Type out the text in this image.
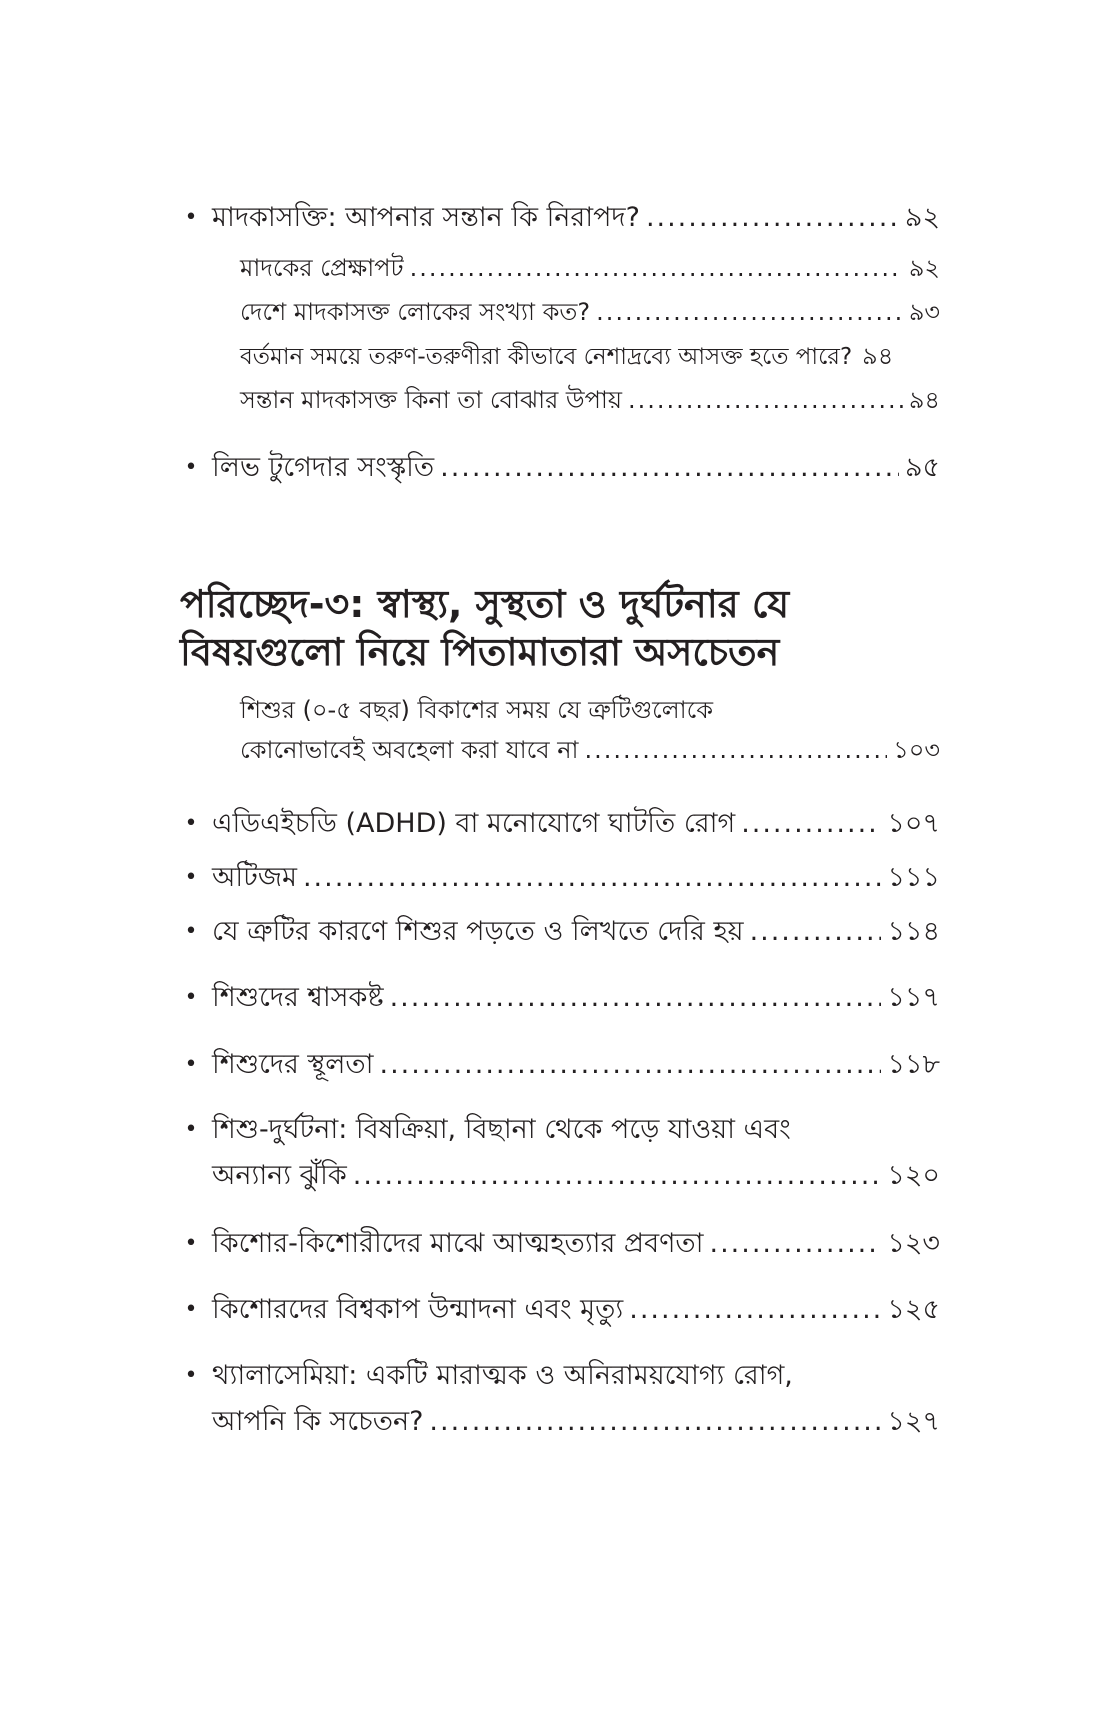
• মাদকাসক্তি: আপনার সন্তান কি নিরাপদ? .....	৯২
মাদকের প্রেক্ষাপট .....	৯২
দেশে মাদকাসক্ত লোকের সংখ্যা কত? .....	৯৩
বর্তমান সময়ে তরুণ-তরুণীরা কীভাবে নেশাদ্রব্যে আসক্ত হতে পারে? ৯৪
সন্তান মাদকাসক্ত কিনা তা বোঝার উপায় .....	৯৪
• লিভ টুগেদার সংস্কৃতি .....	৯৫
পরিচ্ছেদ-৩: স্বাস্থ্য, সুস্থতা ও দুর্ঘটনার যে
বিষয়গুলো নিয়ে পিতামাতারা অসচেতন
শিশুর (০-৫ বছর) বিকাশের সময় যে ত্রুটিগুলোকে
কোনোভাবেই অবহেলা করা যাবে না .....	১০৩
• এডিএইচডি (ADHD) বা মনোযোগে ঘাটতি রোগ .....	১০৭
• অটিজম .....	১১১
• যে ত্রুটির কারণে শিশুর পড়তে ও লিখতে দেরি হয় .....	১১৪
• শিশুদের শ্বাসকষ্ট .....	১১৭
• শিশুদের স্থূলতা .....	১১৮
• শিশু-দুর্ঘটনা: বিষক্রিয়া, বিছানা থেকে পড়ে যাওয়া এবং
অন্যান্য ঝুঁকি .....	১২০
• কিশোর-কিশোরীদের মাঝে আত্মহত্যার প্রবণতা .....	১২৩
• কিশোরদের বিশ্বকাপ উন্মাদনা এবং মৃত্যু .....	১২৫
• থ্যালাসেমিয়া: একটি মারাত্মক ও অনিরাময়যোগ্য রোগ,
আপনি কি সচেতন? .....	১২৭
